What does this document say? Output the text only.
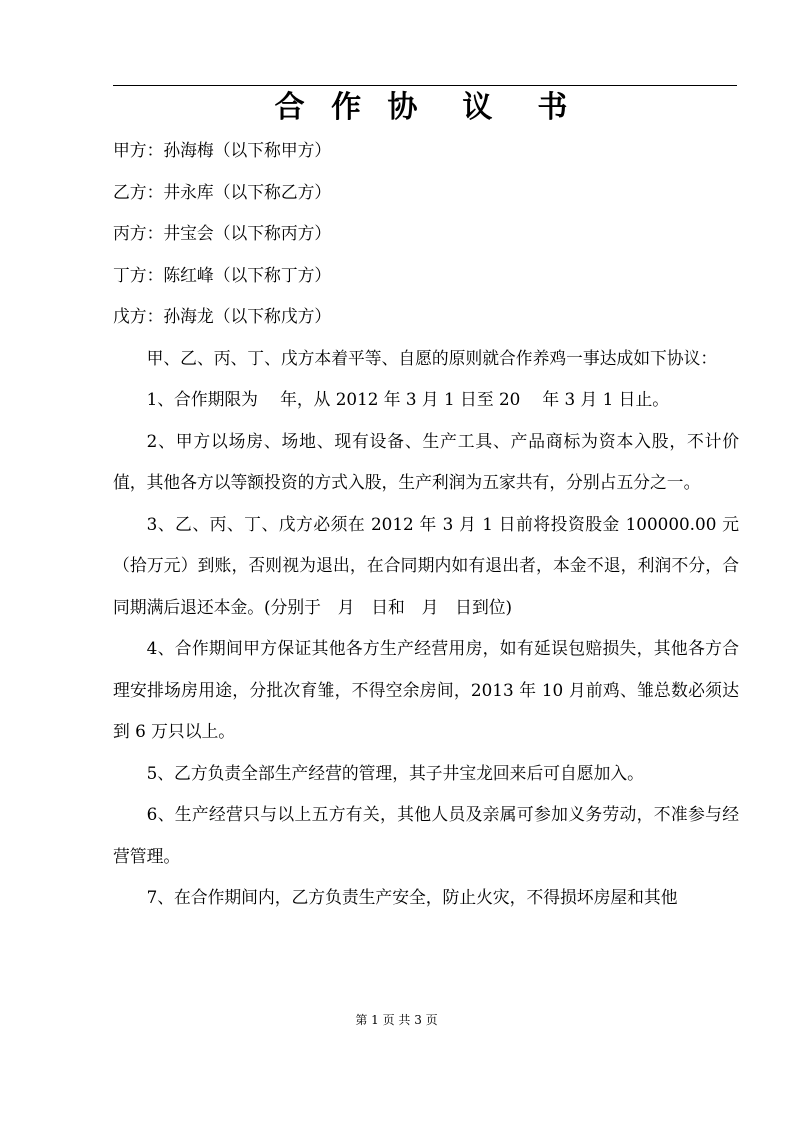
合 作 协  议  书

甲方：孙海梅（以下称甲方）

乙方：井永库（以下称乙方）

丙方：井宝会（以下称丙方）

丁方：陈红峰（以下称丁方）

戊方：孙海龙（以下称戊方）

甲、乙、丙、丁、戊方本着平等、自愿的原则就合作养鸡一事达成如下协议：

1、合作期限为　 年，从 2012 年 3 月 1 日至 20　 年 3 月 1 日止。

2、甲方以场房、场地、现有设备、生产工具、产品商标为资本入股，不计价值，其他各方以等额投资的方式入股，生产利润为五家共有，分别占五分之一。

3、乙、丙、丁、戊方必须在 2012 年 3 月 1 日前将投资股金 100000.00 元（拾万元）到账，否则视为退出，在合同期内如有退出者，本金不退，利润不分，合同期满后退还本金。(分别于　月　日和　月　日到位)

4、合作期间甲方保证其他各方生产经营用房，如有延误包赔损失，其他各方合理安排场房用途，分批次育雏，不得空余房间，2013 年 10 月前鸡、雏总数必须达到 6 万只以上。

5、乙方负责全部生产经营的管理，其子井宝龙回来后可自愿加入。

6、生产经营只与以上五方有关，其他人员及亲属可参加义务劳动，不准参与经营管理。

7、在合作期间内，乙方负责生产安全，防止火灾，不得损坏房屋和其他

第 1 页 共 3 页
